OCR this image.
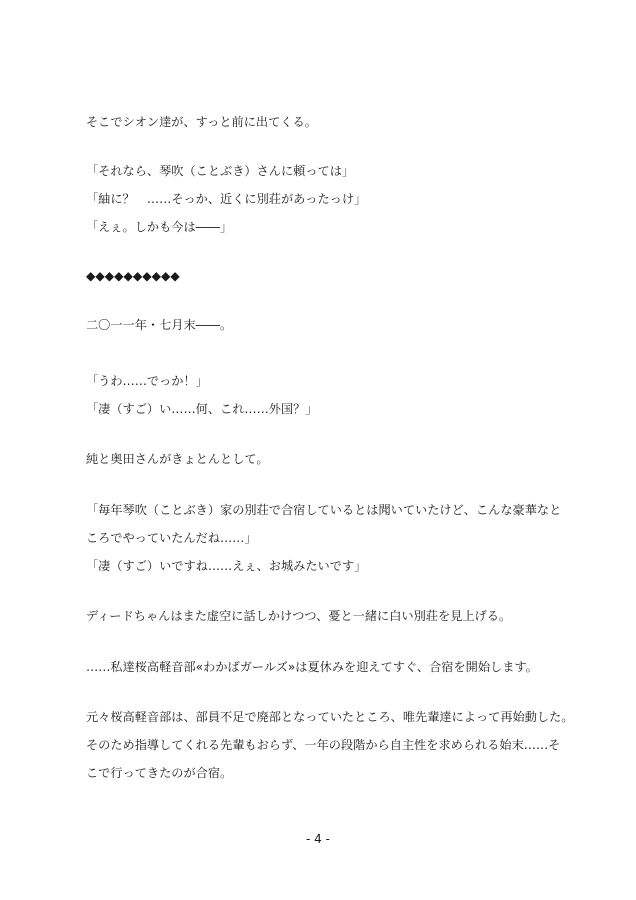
そこでシオン達が、すっと前に出てくる。

「それなら、琴吹（ことぶき）さんに頼っては」

「紬に？　……そっか、近くに別荘があったっけ」

「えぇ。しかも今は――」

◆◆◆◆◆◆◆◆◆◆

二〇一一年・七月末――。

「うわ……でっか！」

「凄（すご）い……何、これ……外国？」

純と奥田さんがきょとんとして。

「毎年琴吹（ことぶき）家の別荘で合宿しているとは聞いていたけど、こんな豪華なと

ころでやっていたんだね……」

「凄（すご）いですね……えぇ、お城みたいです」

ディードちゃんはまた虚空に話しかけつつ、憂と一緒に白い別荘を見上げる。

……私達桜高軽音部«わかばガールズ»は夏休みを迎えてすぐ、合宿を開始します。

元々桜高軽音部は、部員不足で廃部となっていたところ、唯先輩達によって再始動した。

そのため指導してくれる先輩もおらず、一年の段階から自主性を求められる始末……そ

こで行ってきたのが合宿。

- 4 -
